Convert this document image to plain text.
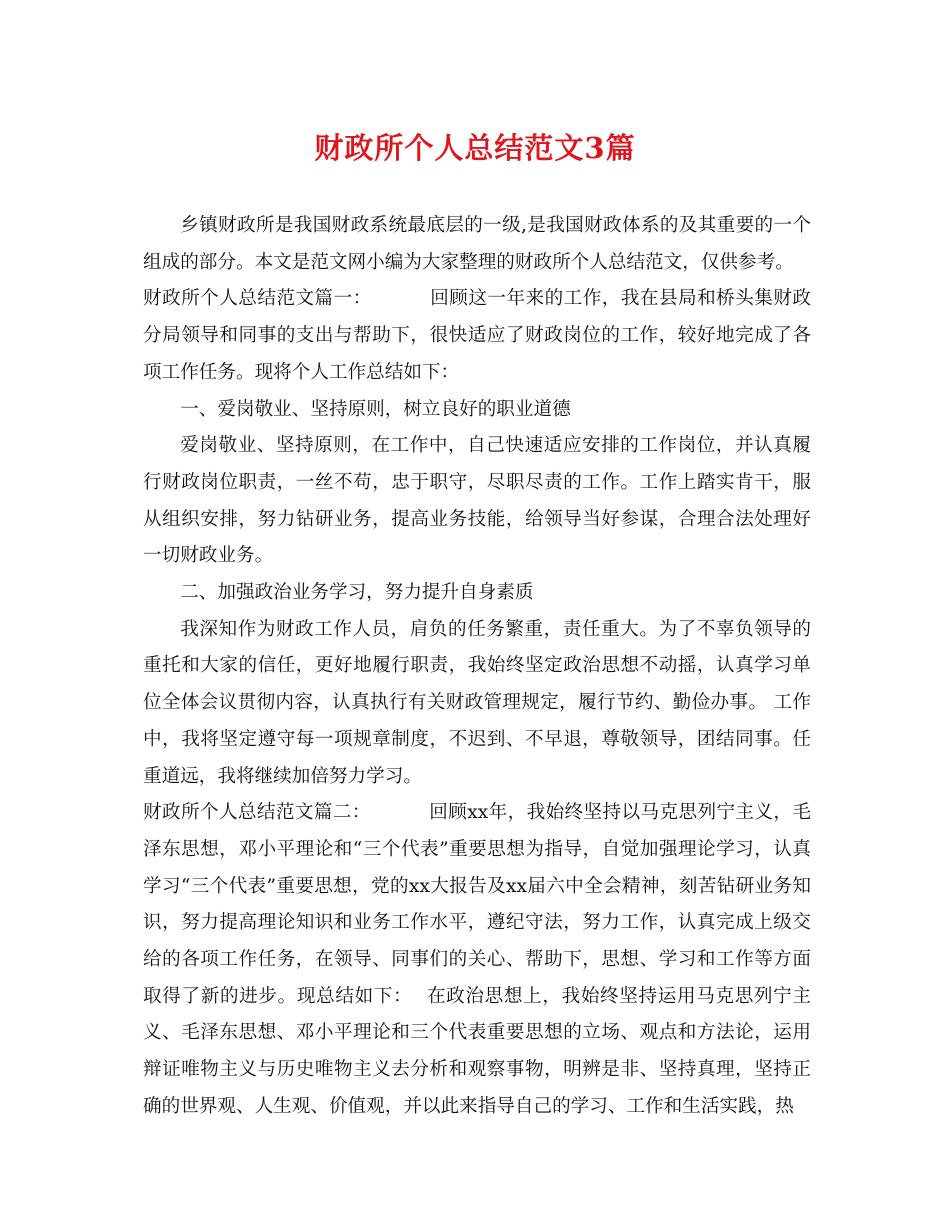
财政所个人总结范文3篇

乡镇财政所是我国财政系统最底层的一级,是我国财政体系的及其重要的一个组成的部分。本文是范文网小编为大家整理的财政所个人总结范文，仅供参考。

财政所个人总结范文篇一：	回顾这一年来的工作，我在县局和桥头集财政分局领导和同事的支出与帮助下，很快适应了财政岗位的工作，较好地完成了各项工作任务。现将个人工作总结如下：

一、爱岗敬业、坚持原则，树立良好的职业道德

爱岗敬业、坚持原则，在工作中，自己快速适应安排的工作岗位，并认真履行财政岗位职责，一丝不苟，忠于职守，尽职尽责的工作。工作上踏实肯干，服从组织安排，努力钻研业务，提高业务技能，给领导当好参谋，合理合法处理好一切财政业务。

二、加强政治业务学习，努力提升自身素质

我深知作为财政工作人员，肩负的任务繁重，责任重大。为了不辜负领导的重托和大家的信任，更好地履行职责，我始终坚定政治思想不动摇，认真学习单位全体会议贯彻内容，认真执行有关财政管理规定，履行节约、勤俭办事。 工作中，我将坚定遵守每一项规章制度，不迟到、不早退，尊敬领导，团结同事。任重道远，我将继续加倍努力学习。

财政所个人总结范文篇二：	回顾xx年，我始终坚持以马克思列宁主义，毛泽东思想，邓小平理论和“三个代表”重要思想为指导，自觉加强理论学习，认真学习“三个代表”重要思想，党的xx大报告及xx届六中全会精神，刻苦钻研业务知识，努力提高理论知识和业务工作水平，遵纪守法，努力工作，认真完成上级交给的各项工作任务，在领导、同事们的关心、帮助下，思想、学习和工作等方面取得了新的进步。现总结如下： 在政治思想上，我始终坚持运用马克思列宁主义、毛泽东思想、邓小平理论和三个代表重要思想的立场、观点和方法论，运用辩证唯物主义与历史唯物主义去分析和观察事物，明辨是非、坚持真理，坚持正确的世界观、人生观、价值观，并以此来指导自己的学习、工作和生活实践，热
